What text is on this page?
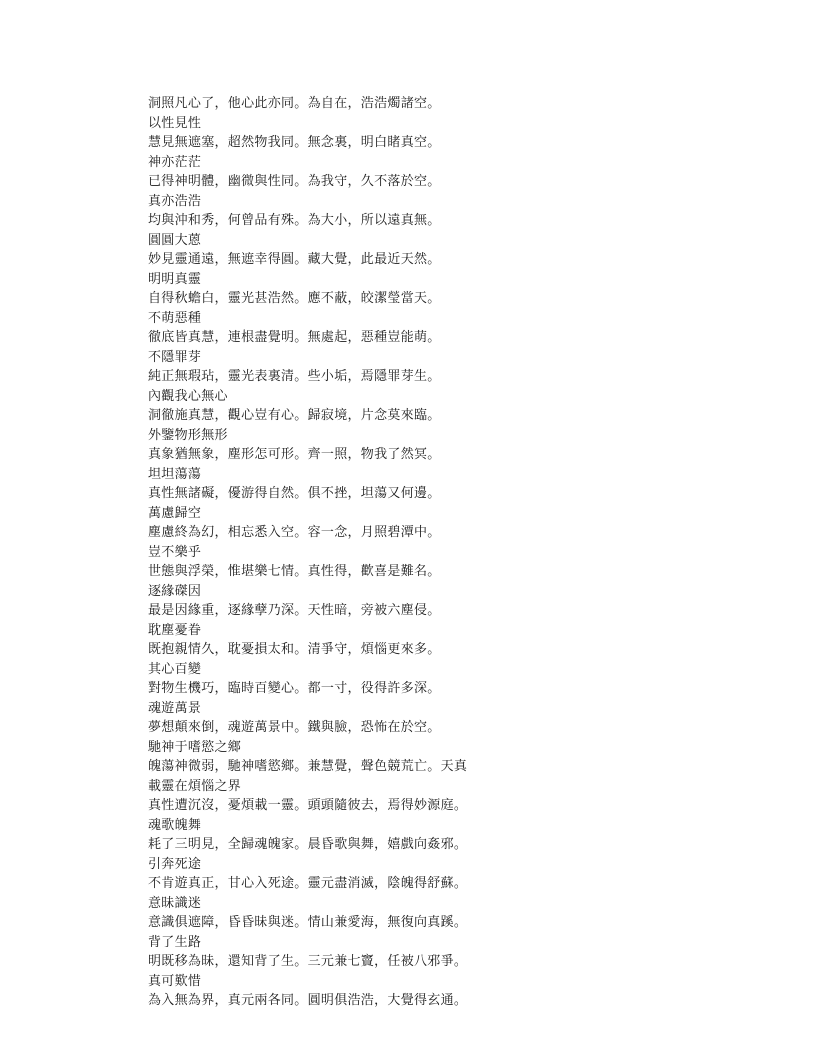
洞照凡心了，他心此亦同。為自在，浩浩燭諸空。
以性見性
慧見無遮塞，超然物我同。無念裏，明白睹真空。
神亦茫茫
已得神明體，幽微與性同。為我守，久不落於空。
真亦浩浩
均與沖和秀，何曾品有殊。為大小，所以遠真無。
圓圓大蒽
妙見靈通遠，無遮幸得圓。藏大覺，此最近天然。
明明真靈
自得秋蟾白，靈光甚浩然。應不蔽，皎潔瑩當天。
不萌惡種
徹底皆真慧，連根盡覺明。無處起，惡種豈能萌。
不隱罪芽
純正無瑕玷，靈光表裏清。些小垢，焉隱罪芽生。
內觀我心無心
洞徹施真慧，觀心豈有心。歸寂境，片念莫來臨。
外鑒物形無形
真象猶無象，塵形怎可形。齊一照，物我了然冥。
坦坦蕩蕩
真性無諸礙，優游得自然。俱不挫，坦蕩又何邊。
萬慮歸空
塵慮終為幻，相忘悉入空。容一念，月照碧潭中。
豈不樂乎
世態與浮榮，惟堪樂七情。真性得，歡喜是難名。
逐緣磔因
最是因緣重，逐緣孽乃深。天性暗，旁被六塵侵。
耽塵憂眷
既抱親情久，耽憂損太和。清爭守，煩惱更來多。
其心百變
對物生機巧，臨時百變心。都一寸，役得許多深。
魂遊萬景
夢想顛來倒，魂遊萬景中。鐵與臉，恐怖在於空。
馳神于嗜慾之鄉
魄蕩神微弱，馳神嗜慾鄉。兼慧覺，聲色競荒亡。天真
載靈在煩惱之界
真性遭沉沒，憂煩載一靈。頭頭隨彼去，焉得妙源庭。
魂歌魄舞
耗了三明見，全歸魂魄家。晨昏歌與舞，嬉戲向姦邪。
引奔死途
不肯遊真正，甘心入死途。靈元盡消滅，陰魄得舒蘇。
意昧識迷
意識俱遮障，昏昏昧與迷。情山兼愛海，無復向真蹊。
背了生路
明既移為昧，還知背了生。三元兼七竇，任被八邪爭。
真可歎惜
為入無為界，真元兩各同。圓明俱浩浩，大覺得玄通。
